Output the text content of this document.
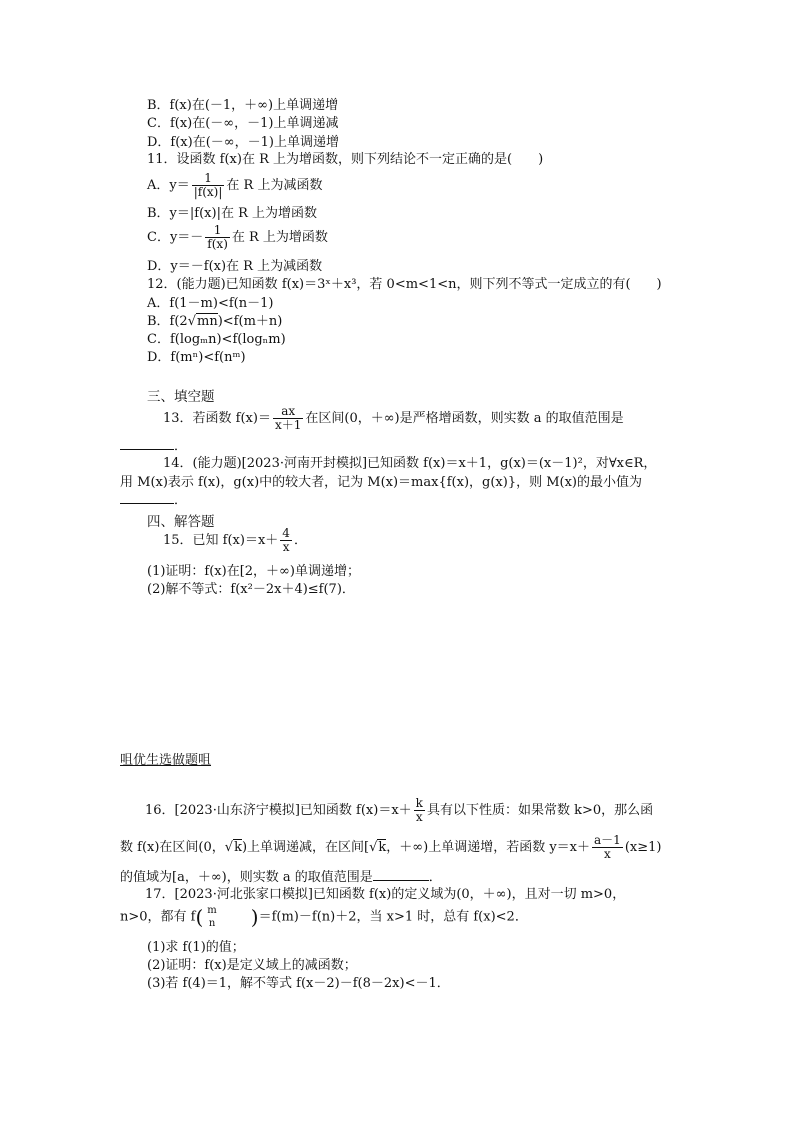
B．f(x)在(－1，＋∞)上单调递增
C．f(x)在(－∞，－1)上单调递减
D．f(x)在(－∞，－1)上单调递增
11．设函数 f(x)在 R 上为增函数，则下列结论不一定正确的是(　　)
A．$y= \frac{1}{|f(x)|}$ 在 R 上为减函数
B．y＝|f(x)|在 R 上为增函数
C．$y=- \frac{1}{f(x)}$ 在 R 上为增函数
D．y＝－f(x)在 R 上为减函数
12．(能力题)已知函数 f(x)＝3ˣ＋x³，若 0<m<1<n，则下列不等式一定成立的有(　　)
A．f(1－m)<f(n－1)
B．f(2√mn)<f(m＋n)
C．f(logₘn)<f(logₙm)
D．f(mⁿ)<f(nᵐ)
三、填空题
13．若函数 $f(x)= \frac{ax}{x+1}$ 在区间(0，＋∞)是严格增函数，则实数 a 的取值范围是
．
14．(能力题)[2023·河南开封模拟]已知函数 f(x)＝x＋1，g(x)＝(x－1)²，对∀x∈R，
用 M(x)表示 f(x)，g(x)中的较大者，记为 M(x)＝max{f(x)，g(x)}，则 M(x)的最小值为
．
四、解答题
15．已知 $f(x)=x+ \frac{4}{x}$ ．
(1)证明：f(x)在[2，＋∞)单调递增；
(2)解不等式：f(x²－2x＋4)≤f(7)．
咀优生选做题咀
16．[2023·山东济宁模拟]已知函数 $f(x)=x+ \frac{k}{x}$ 具有以下性质：如果常数 k>0，那么函
数 f(x)在区间(0，√k)上单调递减，在区间[√k，＋∞)上单调递增，若函数 $y=x+ \frac{a-1}{x} (x\ge 1)$
的值域为[a，＋∞)，则实数 a 的取值范围是	．
17．[2023·河北张家口模拟]已知函数 f(x)的定义域为(0，＋∞)，且对一切 m>0，
n>0，都有 f( m
n )＝f(m)－f(n)＋2，当 x>1 时，总有 f(x)<2．
(1)求 f(1)的值；
(2)证明：f(x)是定义域上的减函数；
(3)若 f(4)＝1，解不等式 f(x－2)－f(8－2x)<－1．
